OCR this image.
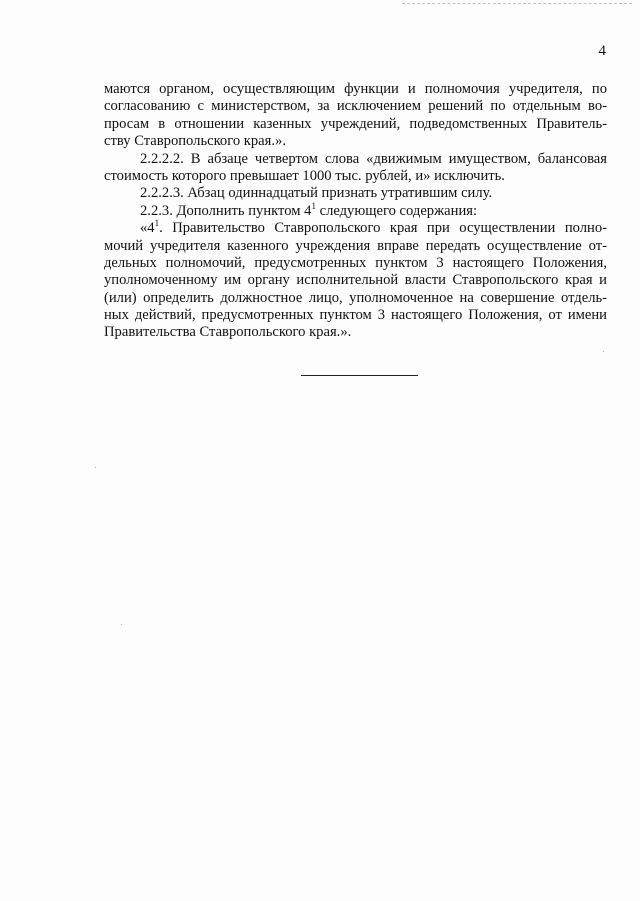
4
маются органом, осуществляющим функции и полномочия учредителя, по
согласованию с министерством, за исключением решений по отдельным во-
просам в отношении казенных учреждений, подведомственных Правитель-
ству Ставропольского края.».
2.2.2.2. В абзаце четвертом слова «движимым имуществом, балансовая
стоимость которого превышает 1000 тыс. рублей, и» исключить.
2.2.2.3. Абзац одиннадцатый признать утратившим силу.
2.2.3. Дополнить пунктом $4^1$ следующего содержания:
«$4^1$. Правительство Ставропольского края при осуществлении полно-
мочий учредителя казенного учреждения вправе передать осуществление от-
дельных полномочий, предусмотренных пунктом 3 настоящего Положения,
уполномоченному им органу исполнительной власти Ставропольского края и
(или) определить должностное лицо, уполномоченное на совершение отдель-
ных действий, предусмотренных пунктом 3 настоящего Положения, от имени
Правительства Ставропольского края.».
